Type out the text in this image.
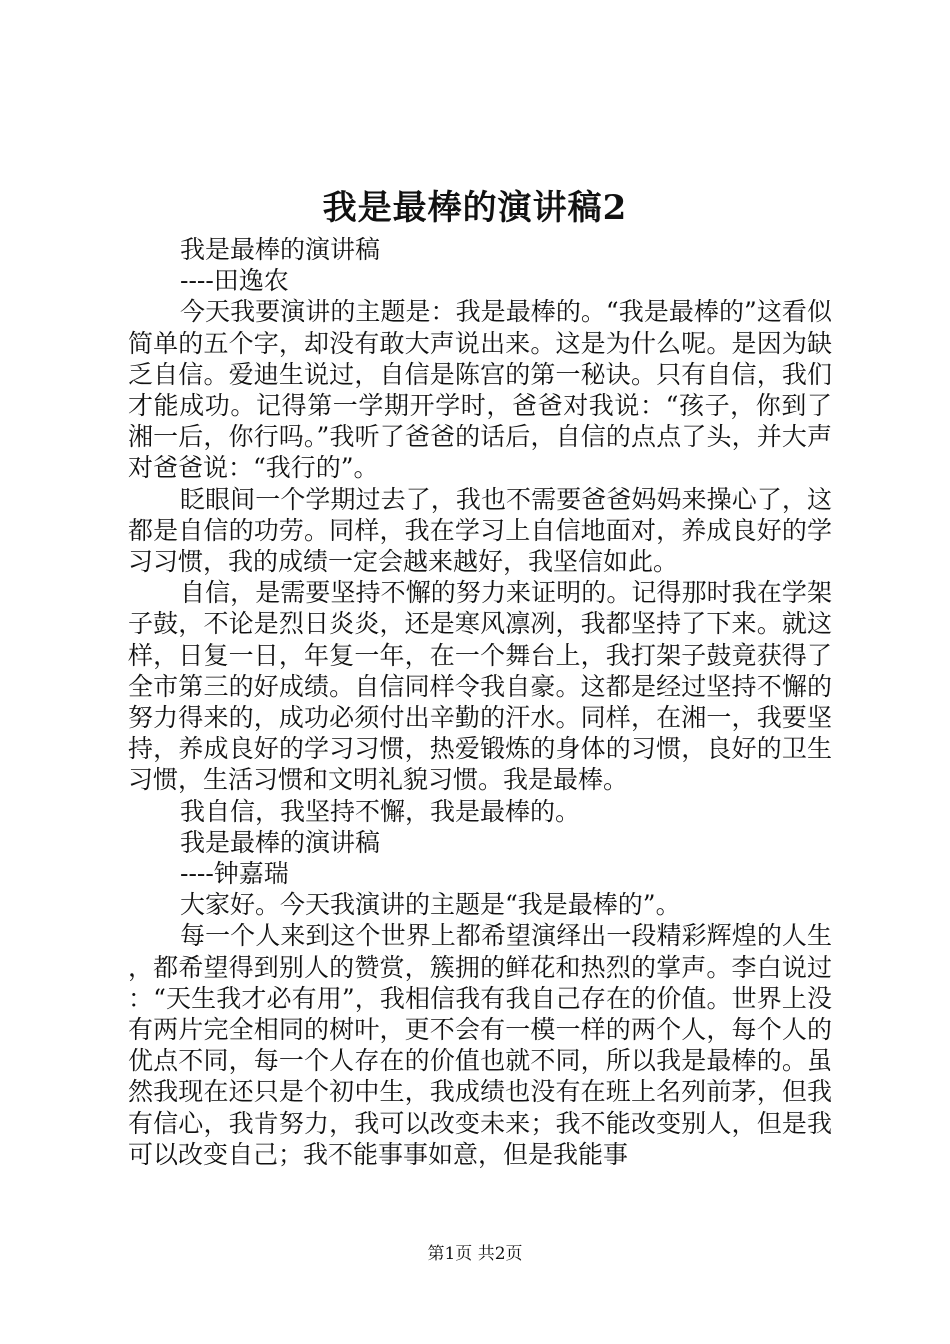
我是最棒的演讲稿2

我是最棒的演讲稿

----田逸农

今天我要演讲的主题是：我是最棒的。“我是最棒的”这看似简单的五个字，却没有敢大声说出来。这是为什么呢。是因为缺乏自信。爱迪生说过，自信是陈宫的第一秘诀。只有自信，我们才能成功。记得第一学期开学时，爸爸对我说：“孩子，你到了湘一后，你行吗。”我听了爸爸的话后，自信的点点了头，并大声对爸爸说：“我行的”。

眨眼间一个学期过去了，我也不需要爸爸妈妈来操心了，这都是自信的功劳。同样，我在学习上自信地面对，养成良好的学习习惯，我的成绩一定会越来越好，我坚信如此。

自信，是需要坚持不懈的努力来证明的。记得那时我在学架子鼓，不论是烈日炎炎，还是寒风凛冽，我都坚持了下来。就这样，日复一日，年复一年，在一个舞台上，我打架子鼓竟获得了全市第三的好成绩。自信同样令我自豪。这都是经过坚持不懈的努力得来的，成功必须付出辛勤的汗水。同样，在湘一，我要坚持，养成良好的学习习惯，热爱锻炼的身体的习惯，良好的卫生习惯，生活习惯和文明礼貌习惯。我是最棒。

我自信，我坚持不懈，我是最棒的。

我是最棒的演讲稿

----钟嘉瑞

大家好。今天我演讲的主题是“我是最棒的”。

每一个人来到这个世界上都希望演绎出一段精彩辉煌的人生，都希望得到别人的赞赏，簇拥的鲜花和热烈的掌声。李白说过：“天生我才必有用”，我相信我有我自己存在的价值。世界上没有两片完全相同的树叶，更不会有一模一样的两个人，每个人的优点不同，每一个人存在的价值也就不同，所以我是最棒的。虽然我现在还只是个初中生，我成绩也没有在班上名列前茅，但我有信心，我肯努力，我可以改变未来；我不能改变别人，但是我可以改变自己；我不能事事如意，但是我能事

第1页 共2页
